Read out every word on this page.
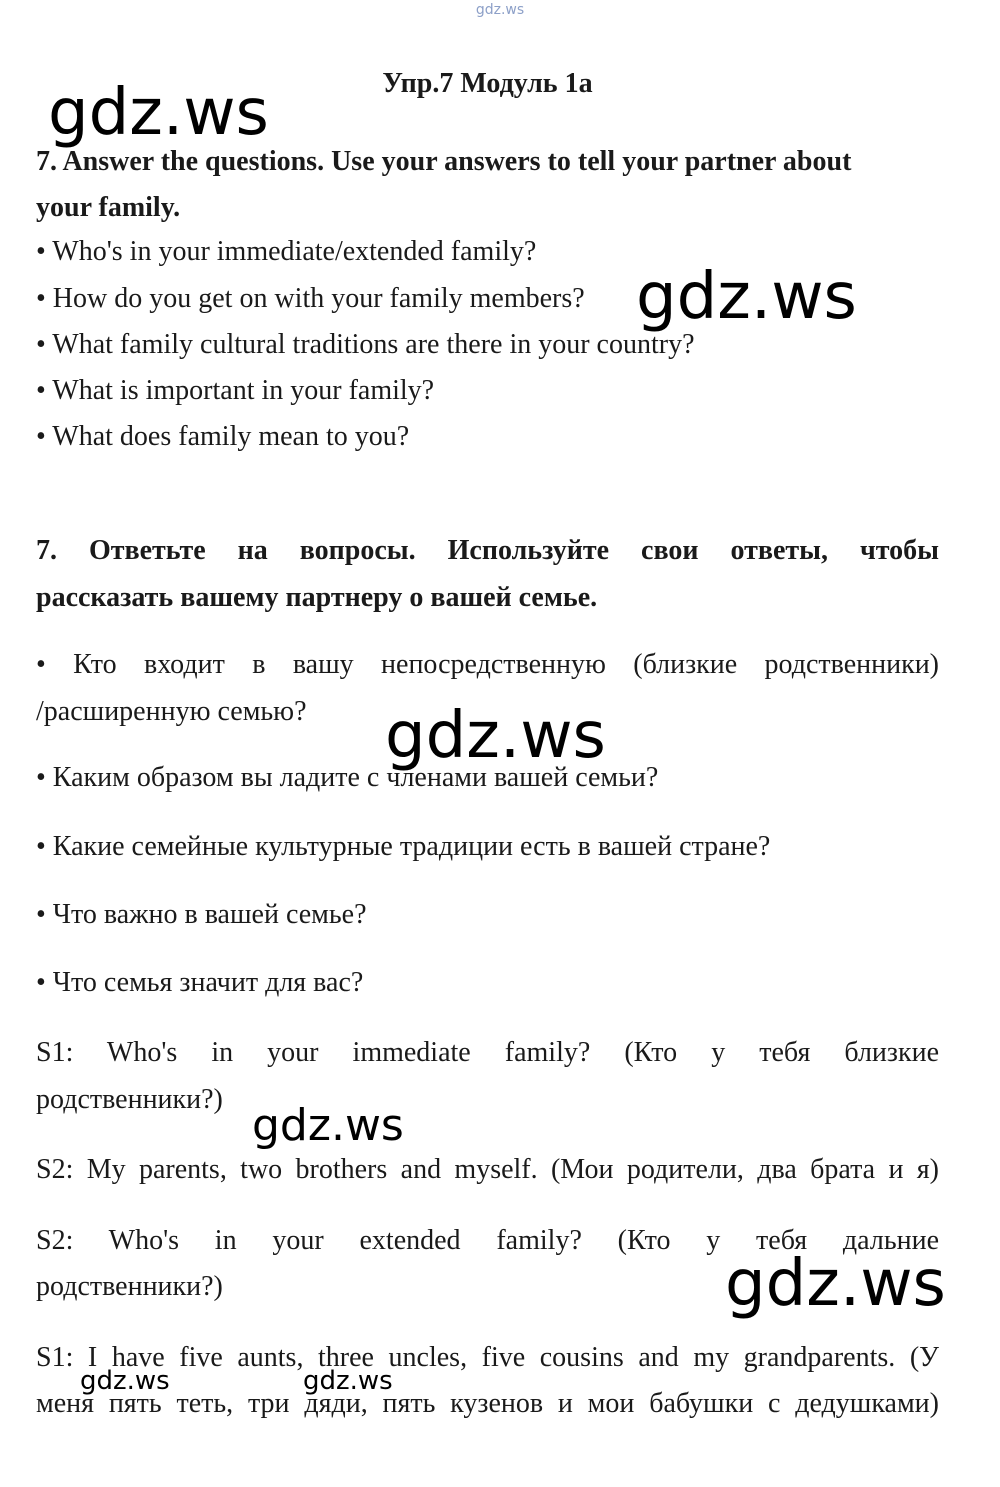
gdz.ws
Упр.7 Модуль 1a
7. Answer the questions. Use your answers to tell your partner about
your family.
• Who's in your immediate/extended family?
• How do you get on with your family members?
• What family cultural traditions are there in your country?
• What is important in your family?
• What does family mean to you?
7. Ответьте на вопросы. Используйте свои ответы, чтобы
рассказать вашему партнеру о вашей семье.
• Кто входит в вашу непосредственную (близкие родственники)
/расширенную семью?
• Каким образом вы ладите с членами вашей семьи?
• Какие семейные культурные традиции есть в вашей стране?
• Что важно в вашей семье?
• Что семья значит для вас?
S1: Who's in your immediate family? (Кто у тебя близкие
родственники?)
S2: My parents, two brothers and myself. (Мои родители, два брата и я)
S2: Who's in your extended family? (Кто у тебя дальние
родственники?)
S1: I have five aunts, three uncles, five cousins and my grandparents. (У
меня пять теть, три дяди, пять кузенов и мои бабушки с дедушками)
gdz.ws
gdz.ws
gdz.ws
gdz.ws
gdz.ws
gdz.ws	gdz.ws
